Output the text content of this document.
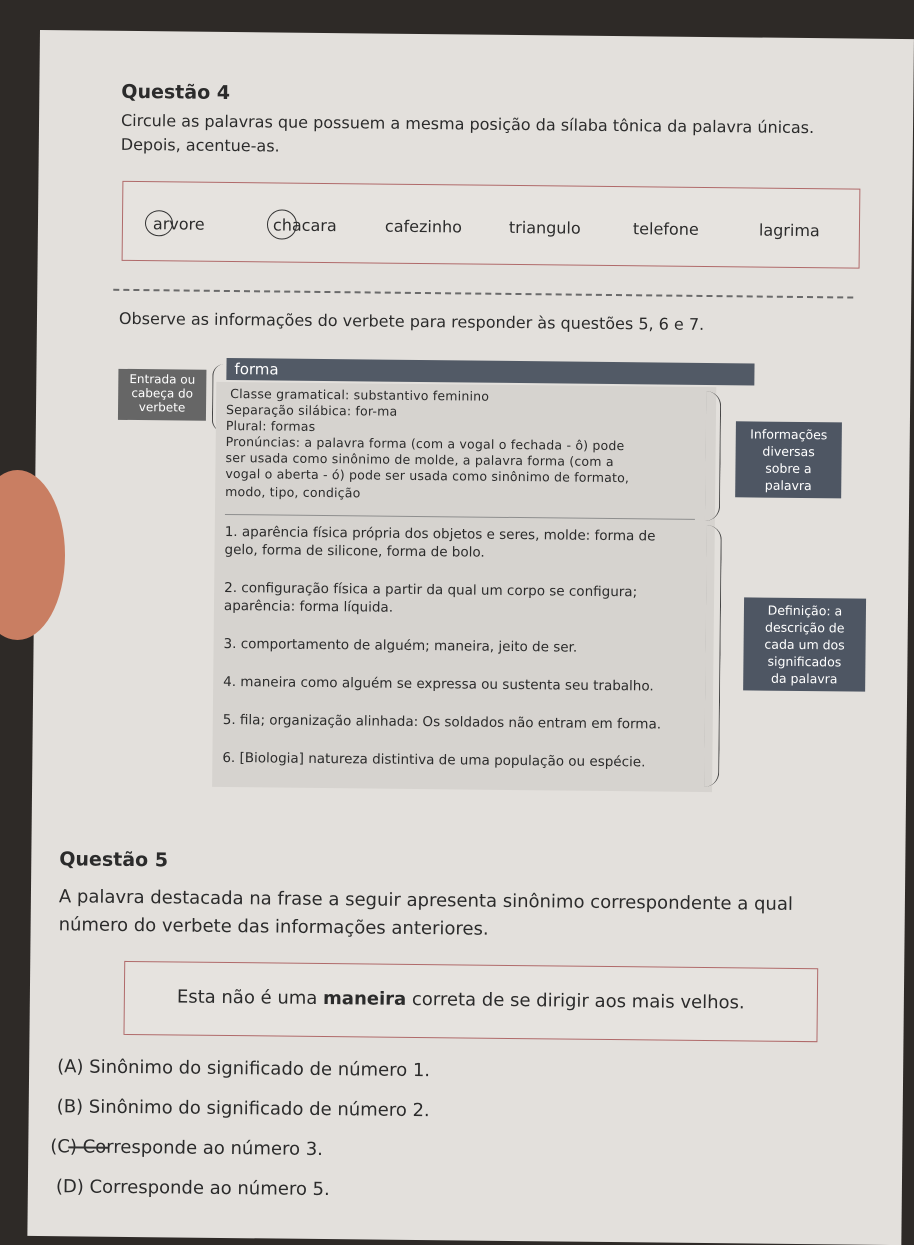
Questão 4
Circule as palavras que possuem a mesma posição da sílaba tônica da palavra únicas.
Depois, acentue-as.
arvore	chacara	cafezinho	triangulo	telefone	lagrima
Observe as informações do verbete para responder às questões 5, 6 e 7.
Entrada ou cabeça do verbete
forma
Classe gramatical: substantivo feminino
Separação silábica: for-ma
Plural: formas
Pronúncias: a palavra forma (com a vogal o fechada - ô) pode
ser usada como sinônimo de molde, a palavra forma (com a
vogal o aberta - ó) pode ser usada como sinônimo de formato,
modo, tipo, condição
1. aparência física própria dos objetos e seres, molde: forma de
gelo, forma de silicone, forma de bolo.
2. configuração física a partir da qual um corpo se configura;
aparência: forma líquida.
3. comportamento de alguém; maneira, jeito de ser.
4. maneira como alguém se expressa ou sustenta seu trabalho.
5. fila; organização alinhada: Os soldados não entram em forma.
6. [Biologia] natureza distintiva de uma população ou espécie.
Informações
diversas
sobre a
palavra
Definição: a
descrição de
cada um dos
significados
da palavra
Questão 5
A palavra destacada na frase a seguir apresenta sinônimo correspondente a qual
número do verbete das informações anteriores.
Esta não é uma maneira correta de se dirigir aos mais velhos.
(A) Sinônimo do significado de número 1.
(B) Sinônimo do significado de número 2.
(C) Corresponde ao número 3.
(D) Corresponde ao número 5.
